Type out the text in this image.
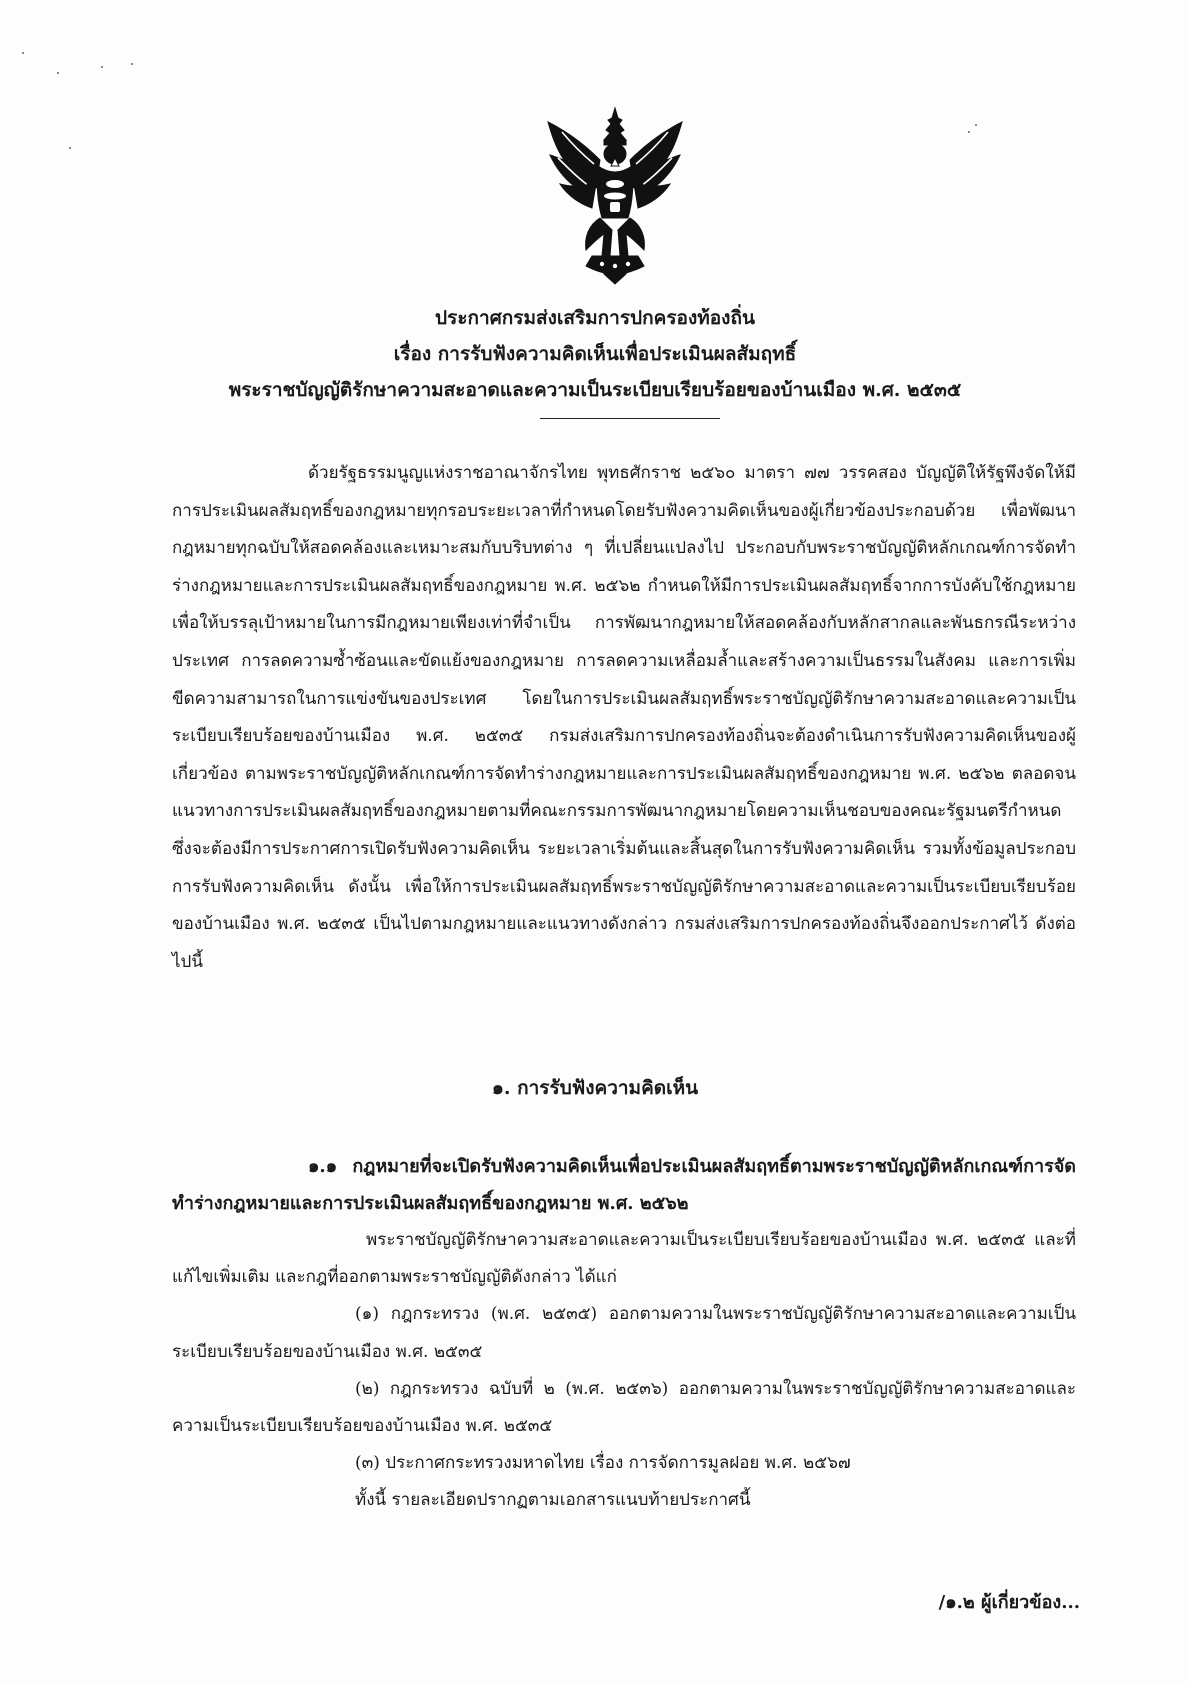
ประกาศกรมส่งเสริมการปกครองท้องถิ่น
เรื่อง การรับฟังความคิดเห็นเพื่อประเมินผลสัมฤทธิ์
พระราชบัญญัติรักษาความสะอาดและความเป็นระเบียบเรียบร้อยของบ้านเมือง พ.ศ. ๒๕๓๕

ด้วยรัฐธรรมนูญแห่งราชอาณาจักรไทย พุทธศักราช ๒๕๖๐ มาตรา ๗๗ วรรคสอง บัญญัติให้รัฐพึงจัดให้มีการประเมินผลสัมฤทธิ์ของกฎหมายทุกรอบระยะเวลาที่กำหนดโดยรับฟังความคิดเห็นของผู้เกี่ยวข้องประกอบด้วย เพื่อพัฒนากฎหมายทุกฉบับให้สอดคล้องและเหมาะสมกับบริบทต่าง ๆ ที่เปลี่ยนแปลงไป ประกอบกับพระราชบัญญัติหลักเกณฑ์การจัดทำร่างกฎหมายและการประเมินผลสัมฤทธิ์ของกฎหมาย พ.ศ. ๒๕๖๒ กำหนดให้มีการประเมินผลสัมฤทธิ์จากการบังคับใช้กฎหมายเพื่อให้บรรลุเป้าหมายในการมีกฎหมายเพียงเท่าที่จำเป็น การพัฒนากฎหมายให้สอดคล้องกับหลักสากลและพันธกรณีระหว่างประเทศ การลดความซ้ำซ้อนและขัดแย้งของกฎหมาย การลดความเหลื่อมล้ำและสร้างความเป็นธรรมในสังคม และการเพิ่มขีดความสามารถในการแข่งขันของประเทศ โดยในการประเมินผลสัมฤทธิ์พระราชบัญญัติรักษาความสะอาดและความเป็นระเบียบเรียบร้อยของบ้านเมือง พ.ศ. ๒๕๓๕ กรมส่งเสริมการปกครองท้องถิ่นจะต้องดำเนินการรับฟังความคิดเห็นของผู้เกี่ยวข้อง ตามพระราชบัญญัติหลักเกณฑ์การจัดทำร่างกฎหมายและการประเมินผลสัมฤทธิ์ของกฎหมาย พ.ศ. ๒๕๖๒ ตลอดจนแนวทางการประเมินผลสัมฤทธิ์ของกฎหมายตามที่คณะกรรมการพัฒนากฎหมายโดยความเห็นชอบของคณะรัฐมนตรีกำหนด ซึ่งจะต้องมีการประกาศการเปิดรับฟังความคิดเห็น ระยะเวลาเริ่มต้นและสิ้นสุดในการรับฟังความคิดเห็น รวมทั้งข้อมูลประกอบการรับฟังความคิดเห็น ดังนั้น เพื่อให้การประเมินผลสัมฤทธิ์พระราชบัญญัติรักษาความสะอาดและความเป็นระเบียบเรียบร้อยของบ้านเมือง พ.ศ. ๒๕๓๕ เป็นไปตามกฎหมายและแนวทางดังกล่าว กรมส่งเสริมการปกครองท้องถิ่นจึงออกประกาศไว้ ดังต่อไปนี้

๑. การรับฟังความคิดเห็น

๑.๑ กฎหมายที่จะเปิดรับฟังความคิดเห็นเพื่อประเมินผลสัมฤทธิ์ตามพระราชบัญญัติหลักเกณฑ์การจัดทำร่างกฎหมายและการประเมินผลสัมฤทธิ์ของกฎหมาย พ.ศ. ๒๕๖๒

พระราชบัญญัติรักษาความสะอาดและความเป็นระเบียบเรียบร้อยของบ้านเมือง พ.ศ. ๒๕๓๕ และที่แก้ไขเพิ่มเติม และกฎที่ออกตามพระราชบัญญัติดังกล่าว ได้แก่

(๑) กฎกระทรวง (พ.ศ. ๒๕๓๕) ออกตามความในพระราชบัญญัติรักษาความสะอาดและความเป็นระเบียบเรียบร้อยของบ้านเมือง พ.ศ. ๒๕๓๕

(๒) กฎกระทรวง ฉบับที่ ๒ (พ.ศ. ๒๕๓๖) ออกตามความในพระราชบัญญัติรักษาความสะอาดและความเป็นระเบียบเรียบร้อยของบ้านเมือง พ.ศ. ๒๕๓๕

(๓) ประกาศกระทรวงมหาดไทย เรื่อง การจัดการมูลฝอย พ.ศ. ๒๕๖๗

ทั้งนี้ รายละเอียดปรากฏตามเอกสารแนบท้ายประกาศนี้

/๑.๒ ผู้เกี่ยวข้อง...
